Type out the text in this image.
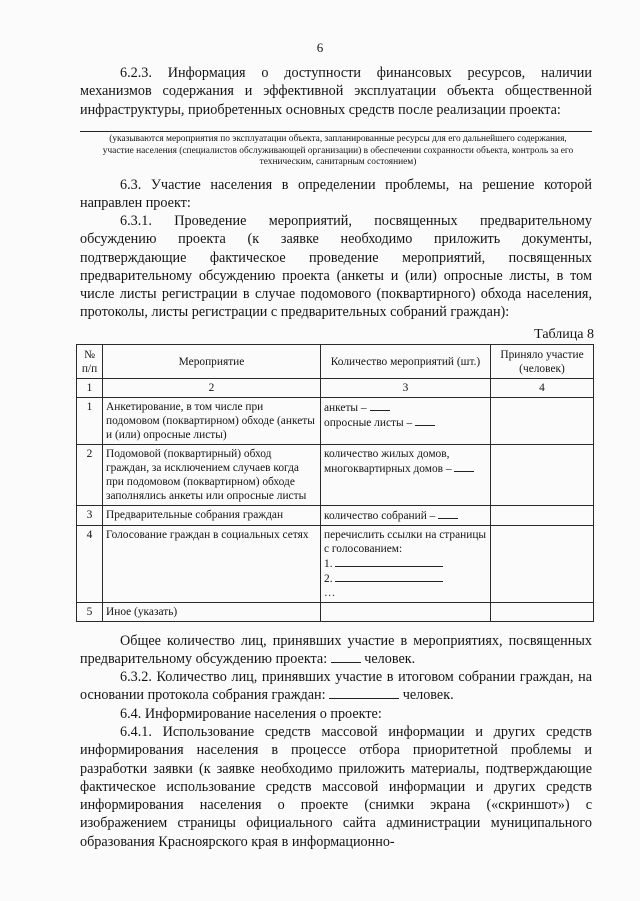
6
6.2.3. Информация о доступности финансовых ресурсов, наличии механизмов содержания и эффективной эксплуатации объекта общественной инфраструктуры, приобретенных основных средств после реализации проекта:
(указываются мероприятия по эксплуатации объекта, запланированные ресурсы для его дальнейшего содержания, участие населения (специалистов обслуживающей организации) в обеспечении сохранности объекта, контроль за его техническим, санитарным состоянием)
6.3. Участие населения в определении проблемы, на решение которой направлен проект:
6.3.1. Проведение мероприятий, посвященных предварительному обсуждению проекта (к заявке необходимо приложить документы, подтверждающие фактическое проведение мероприятий, посвященных предварительному обсуждению проекта (анкеты и (или) опросные листы, в том числе листы регистрации в случае подомового (поквартирного) обхода населения, протоколы, листы регистрации с предварительных собраний граждан):
Таблица 8
№ п/п	Мероприятие	Количество мероприятий (шт.)	Приняло участие (человек)
1	2	3	4
1	Анкетирование, в том числе при подомовом (поквартирном) обходе (анкеты и (или) опросные листы)	анкеты –
опросные листы –	
2	Подомовой (поквартирный) обход граждан, за исключением случаев когда при подомовом (поквартирном) обходе заполнялись анкеты или опросные листы	количество жилых домов, многоквартирных домов –	
3	Предварительные собрания граждан	количество собраний –	
4	Голосование граждан в социальных сетях	перечислить ссылки на страницы с голосованием:
1.
2.
…	
5	Иное (указать)		
Общее количество лиц, принявших участие в мероприятиях, посвященных предварительному обсуждению проекта:	человек.
6.3.2. Количество лиц, принявших участие в итоговом собрании граждан, на основании протокола собрания граждан:	человек.
6.4. Информирование населения о проекте:
6.4.1. Использование средств массовой информации и других средств информирования населения в процессе отбора приоритетной проблемы и разработки заявки (к заявке необходимо приложить материалы, подтверждающие фактическое использование средств массовой информации и других средств информирования населения о проекте (снимки экрана («скриншот») с изображением страницы официального сайта администрации муниципального образования Красноярского края в информационно-
